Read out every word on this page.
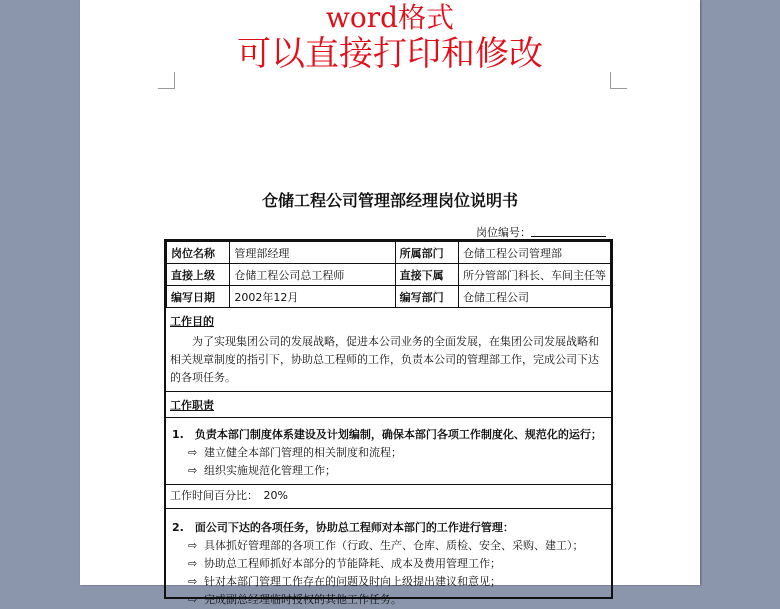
word格式
可以直接打印和修改
仓储工程公司管理部经理岗位说明书
岗位编号：
岗位名称	管理部经理	所属部门	仓储工程公司管理部
直接上级	仓储工程公司总工程师	直接下属	所分管部门科长、车间主任等
编写日期	2002年12月	编写部门	仓储工程公司
工作目的
为了实现集团公司的发展战略，促进本公司业务的全面发展，在集团公司发展战略和相关规章制度的指引下，协助总工程师的工作，负责本公司的管理部工作，完成公司下达的各项任务。
工作职责
1.　负责本部门制度体系建设及计划编制，确保本部门各项工作制度化、规范化的运行；
⇨ 建立健全本部门管理的相关制度和流程；
⇨ 组织实施规范化管理工作；
工作时间百分比：　20%
2.　面公司下达的各项任务，协助总工程师对本部门的工作进行管理：
⇨ 具体抓好管理部的各项工作（行政、生产、仓库、质检、安全、采购、建工）；
⇨ 协助总工程师抓好本部分的节能降耗、成本及费用管理工作；
⇨ 针对本部门管理工作存在的问题及时向上级提出建议和意见；
⇨ 完成副总经理临时授权的其他工作任务。
